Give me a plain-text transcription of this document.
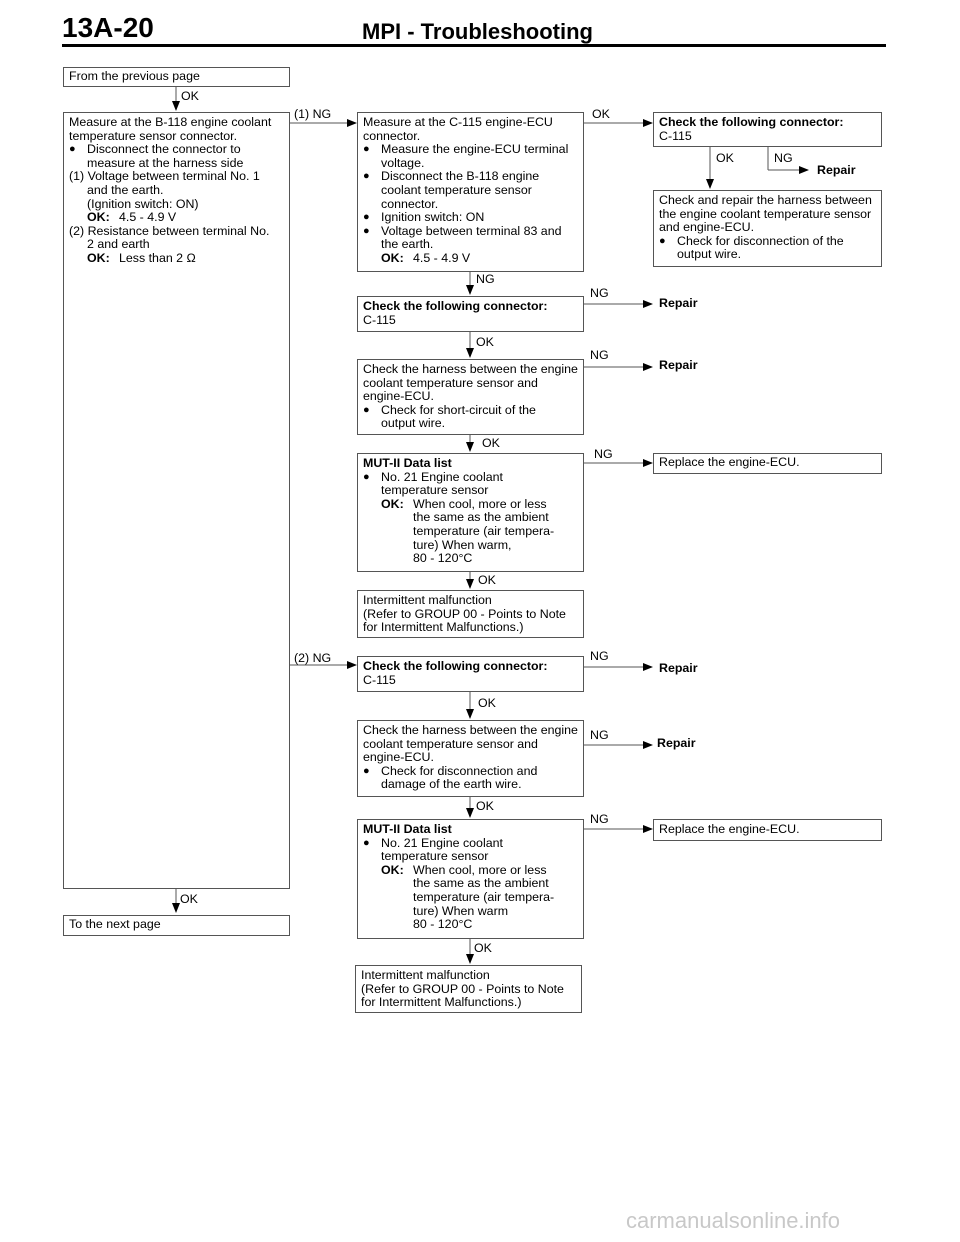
13A-20	MPI - Troubleshooting
From the previous page
OK
Measure at the B-118 engine coolant
temperature sensor connector.
● Disconnect the connector to
measure at the harness side
(1) Voltage between terminal No. 1
and the earth.
(Ignition switch: ON)
OK: 4.5 - 4.9 V
(2) Resistance between terminal No.
2 and earth
OK: Less than 2 Ω
(1) NG
Measure at the C-115 engine-ECU
connector.
● Measure the engine-ECU terminal
voltage.
● Disconnect the B-118 engine
coolant temperature sensor
connector.
● Ignition switch: ON
● Voltage between terminal 83 and
the earth.
OK: 4.5 - 4.9 V
OK
Check the following connector:
C-115
OK	NG
Repair
Check and repair the harness between
the engine coolant temperature sensor
and engine-ECU.
● Check for disconnection of the
output wire.
NG
Check the following connector:
C-115
NG
Repair
OK
Check the harness between the engine
coolant temperature sensor and
engine-ECU.
● Check for short-circuit of the
output wire.
NG
Repair
OK
MUT-II Data list
● No. 21 Engine coolant
temperature sensor
OK: When cool, more or less
the same as the ambient
temperature (air tempera-
ture) When warm,
80 - 120°C
NG
Replace the engine-ECU.
OK
Intermittent malfunction
(Refer to GROUP 00 - Points to Note
for Intermittent Malfunctions.)
(2) NG
Check the following connector:
C-115
NG
Repair
OK
Check the harness between the engine
coolant temperature sensor and
engine-ECU.
● Check for disconnection and
damage of the earth wire.
NG
Repair
OK
MUT-II Data list
● No. 21 Engine coolant
temperature sensor
OK: When cool, more or less
the same as the ambient
temperature (air tempera-
ture) When warm
80 - 120°C
NG
Replace the engine-ECU.
OK
To the next page
OK
Intermittent malfunction
(Refer to GROUP 00 - Points to Note
for Intermittent Malfunctions.)
carmanualsonline.info
